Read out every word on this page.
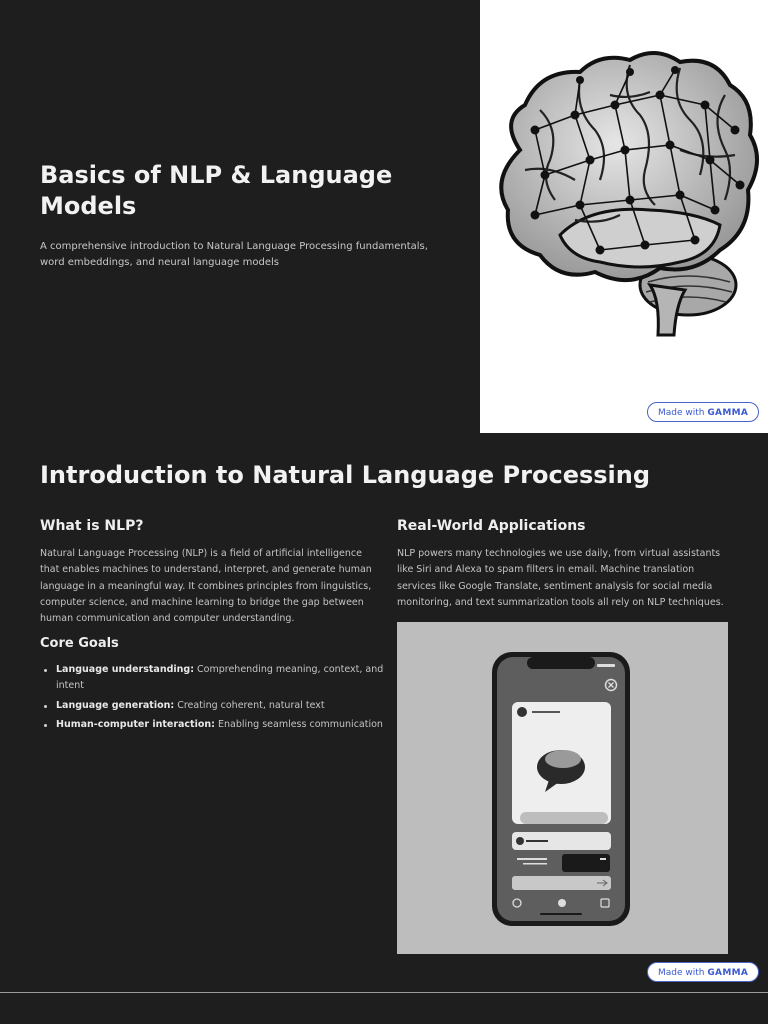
Basics of NLP & Language Models

A comprehensive introduction to Natural Language Processing fundamentals, word embeddings, and neural language models

Made with GAMMA
Introduction to Natural Language Processing
What is NLP?

Natural Language Processing (NLP) is a field of artificial intelligence that enables machines to understand, interpret, and generate human language in a meaningful way. It combines principles from linguistics, computer science, and machine learning to bridge the gap between human communication and computer understanding.

Core Goals
Language understanding: Comprehending meaning, context, and intent
Language generation: Creating coherent, natural text
Human-computer interaction: Enabling seamless communication
Real-World Applications

NLP powers many technologies we use daily, from virtual assistants like Siri and Alexa to spam filters in email. Machine translation services like Google Translate, sentiment analysis for social media monitoring, and text summarization tools all rely on NLP techniques.

Made with GAMMA
